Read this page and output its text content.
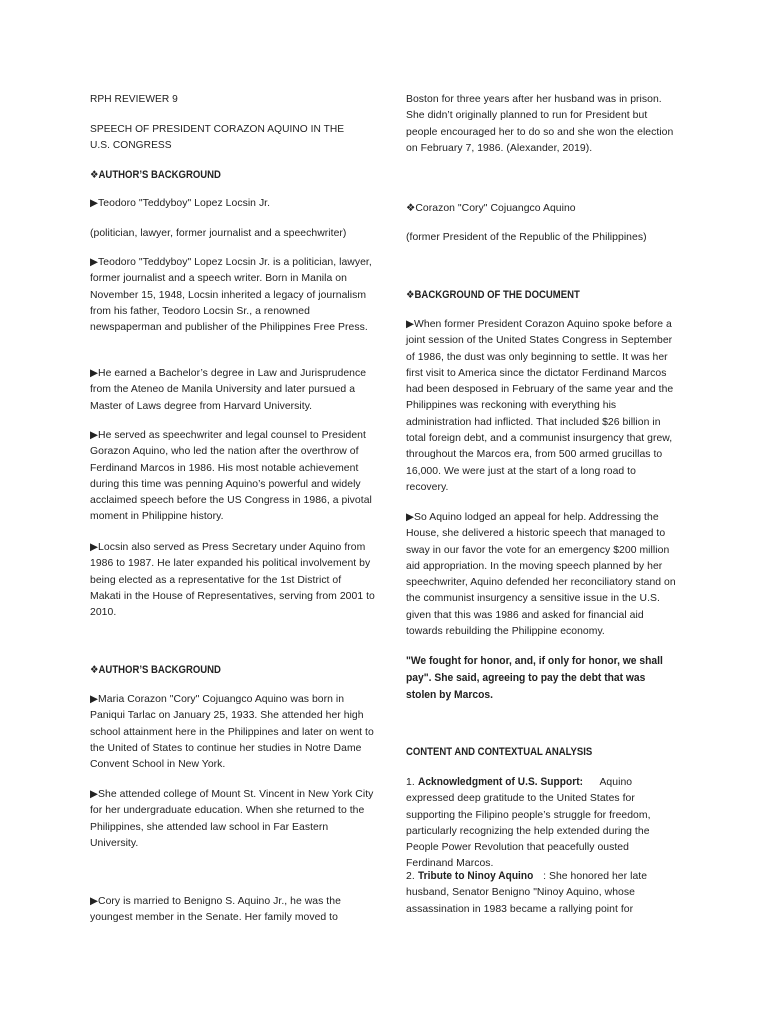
RPH REVIEWER 9

SPEECH OF PRESIDENT CORAZON AQUINO IN THE U.S. CONGRESS

❖AUTHOR’S BACKGROUND

▶Teodoro "Teddyboy" Lopez Locsin Jr.

(politician, lawyer, former journalist and a speechwriter)

▶Teodoro "Teddyboy" Lopez Locsin Jr. is a politician, lawyer, former journalist and a speech writer. Born in Manila on November 15, 1948, Locsin inherited a legacy of journalism from his father, Teodoro Locsin Sr., a renowned newspaperman and publisher of the Philippines Free Press.

▶He earned a Bachelor’s degree in Law and Jurisprudence from the Ateneo de Manila University and later pursued a Master of Laws degree from Harvard University.

▶He served as speechwriter and legal counsel to President Gorazon Aquino, who led the nation after the overthrow of Ferdinand Marcos in 1986. His most notable achievement during this time was penning Aquino’s powerful and widely acclaimed speech before the US Congress in 1986, a pivotal moment in Philippine history.

▶Locsin also served as Press Secretary under Aquino from 1986 to 1987. He later expanded his political involvement by being elected as a representative for the 1st District of Makati in the House of Representatives, serving from 2001 to 2010.

❖AUTHOR’S BACKGROUND

▶Maria Corazon "Cory" Cojuangco Aquino was born in Paniqui Tarlac on January 25, 1933. She attended her high school attainment here in the Philippines and later on went to the United of States to continue her studies in Notre Dame Convent School in New York.

▶She attended college of Mount St. Vincent in New York City for her undergraduate education. When she returned to the Philippines, she attended law school in Far Eastern University.

▶Cory is married to Benigno S. Aquino Jr., he was the youngest member in the Senate. Her family moved to

Boston for three years after her husband was in prison. She didn’t originally planned to run for President but people encouraged her to do so and she won the election on February 7, 1986. (Alexander, 2019).

❖Corazon "Cory" Cojuangco Aquino

(former President of the Republic of the Philippines)

❖BACKGROUND OF THE DOCUMENT

▶When former President Corazon Aquino spoke before a joint session of the United States Congress in September of 1986, the dust was only beginning to settle. It was her first visit to America since the dictator Ferdinand Marcos had been desposed in February of the same year and the Philippines was reckoning with everything his administration had inflicted. That included $26 billion in total foreign debt, and a communist insurgency that grew, throughout the Marcos era, from 500 armed grucillas to 16,000. We were just at the start of a long road to recovery.

▶So Aquino lodged an appeal for help. Addressing the House, she delivered a historic speech that managed to sway in our favor the vote for an emergency $200 million aid appropriation. In the moving speech planned by her speechwriter, Aquino defended her reconciliatory stand on the communist insurgency a sensitive issue in the U.S. given that this was 1986 and asked for financial aid towards rebuilding the Philippine economy.

"We fought for honor, and, if only for honor, we shall pay". She said, agreeing to pay the debt that was stolen by Marcos.

CONTENT AND CONTEXTUAL ANALYSIS

1. Acknowledgment of U.S. Support: Aquino expressed deep gratitude to the United States for supporting the Filipino people’s struggle for freedom, particularly recognizing the help extended during the People Power Revolution that peacefully ousted Ferdinand Marcos.

2. Tribute to Ninoy Aquino : She honored her late husband, Senator Benigno "Ninoy Aquino, whose assassination in 1983 became a rallying point for
